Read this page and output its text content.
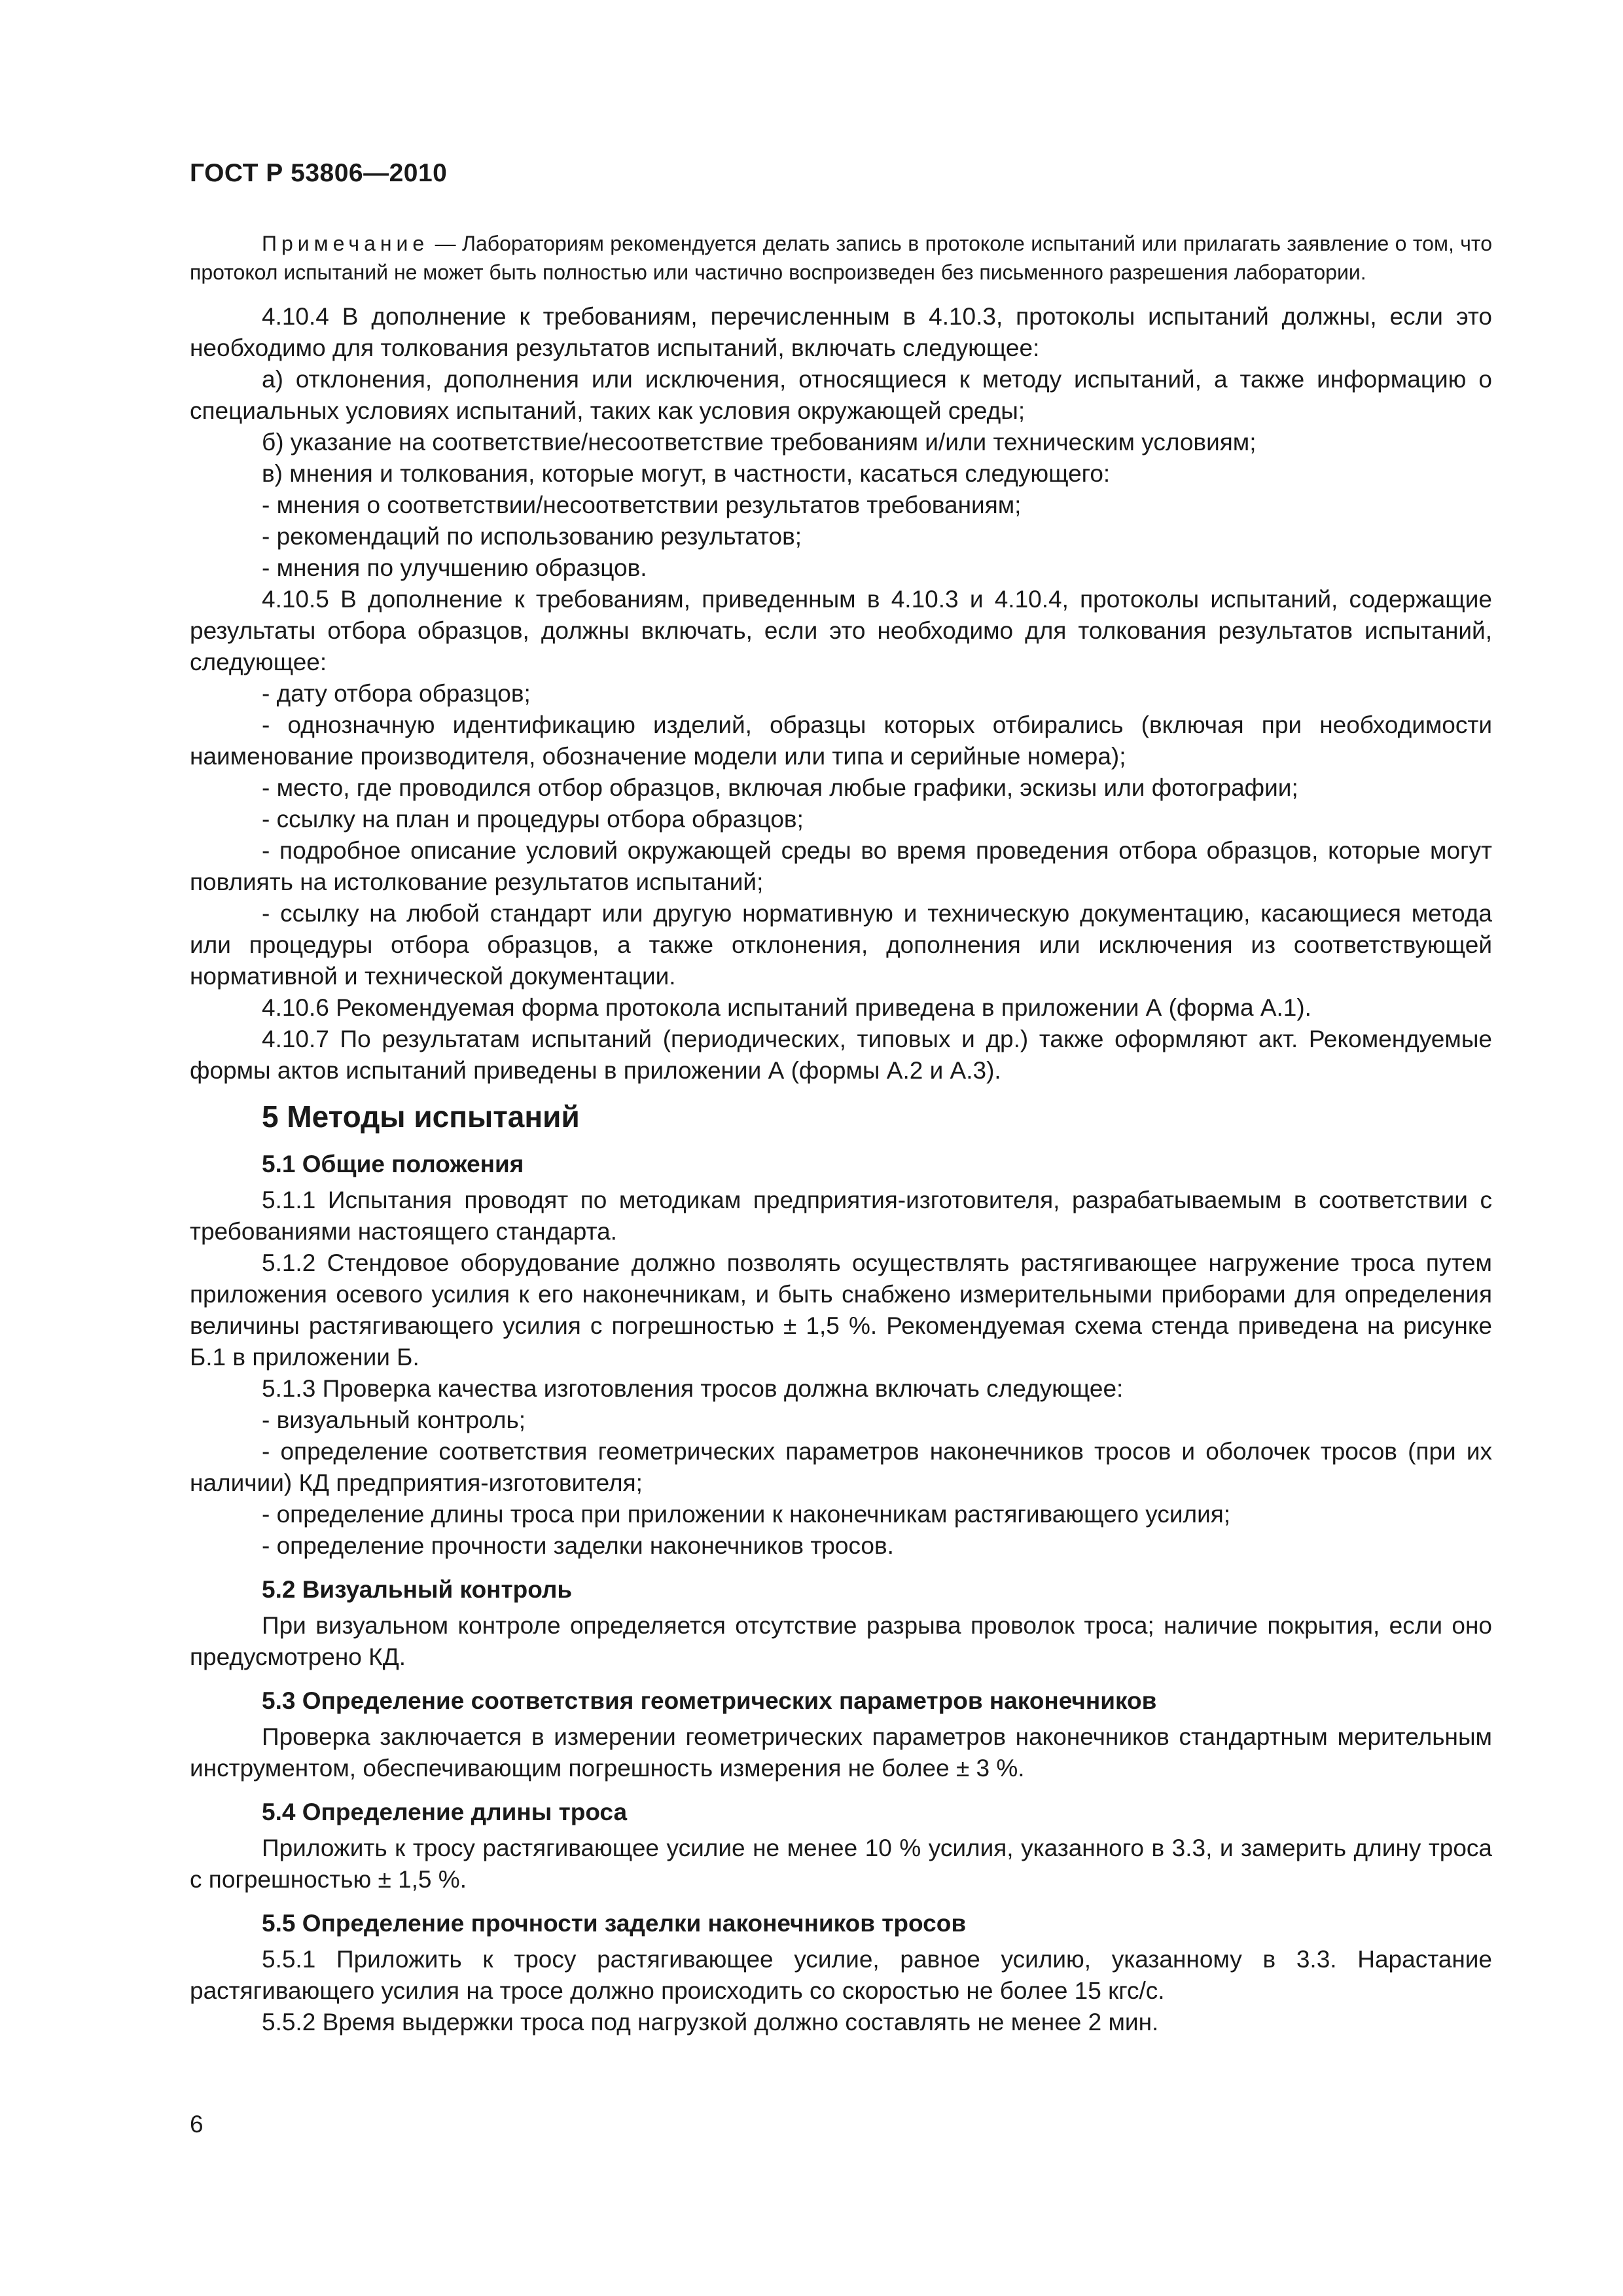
ГОСТ Р 53806—2010

Примечание — Лабораториям рекомендуется делать запись в протоколе испытаний или прилагать заявление о том, что протокол испытаний не может быть полностью или частично воспроизведен без письменного разрешения лаборатории.

4.10.4 В дополнение к требованиям, перечисленным в 4.10.3, протоколы испытаний должны, если это необходимо для толкования результатов испытаний, включать следующее:

а) отклонения, дополнения или исключения, относящиеся к методу испытаний, а также информацию о специальных условиях испытаний, таких как условия окружающей среды;

б) указание на соответствие/несоответствие требованиям и/или техническим условиям;

в) мнения и толкования, которые могут, в частности, касаться следующего:

- мнения о соответствии/несоответствии результатов требованиям;

- рекомендаций по использованию результатов;

- мнения по улучшению образцов.

4.10.5 В дополнение к требованиям, приведенным в 4.10.3 и 4.10.4, протоколы испытаний, содержащие результаты отбора образцов, должны включать, если это необходимо для толкования результатов испытаний, следующее:

- дату отбора образцов;

- однозначную идентификацию изделий, образцы которых отбирались (включая при необходимости наименование производителя, обозначение модели или типа и серийные номера);

- место, где проводился отбор образцов, включая любые графики, эскизы или фотографии;

- ссылку на план и процедуры отбора образцов;

- подробное описание условий окружающей среды во время проведения отбора образцов, которые могут повлиять на истолкование результатов испытаний;

- ссылку на любой стандарт или другую нормативную и техническую документацию, касающиеся метода или процедуры отбора образцов, а также отклонения, дополнения или исключения из соответствующей нормативной и технической документации.

4.10.6 Рекомендуемая форма протокола испытаний приведена в приложении А (форма А.1).

4.10.7 По результатам испытаний (периодических, типовых и др.) также оформляют акт. Рекомендуемые формы актов испытаний приведены в приложении А (формы А.2 и А.3).

5 Методы испытаний
5.1 Общие положения

5.1.1 Испытания проводят по методикам предприятия-изготовителя, разрабатываемым в соответствии с требованиями настоящего стандарта.

5.1.2 Стендовое оборудование должно позволять осуществлять растягивающее нагружение троса путем приложения осевого усилия к его наконечникам, и быть снабжено измерительными приборами для определения величины растягивающего усилия с погрешностью ± 1,5 %. Рекомендуемая схема стенда приведена на рисунке Б.1 в приложении Б.

5.1.3 Проверка качества изготовления тросов должна включать следующее:

- визуальный контроль;

- определение соответствия геометрических параметров наконечников тросов и оболочек тросов (при их наличии) КД предприятия-изготовителя;

- определение длины троса при приложении к наконечникам растягивающего усилия;

- определение прочности заделки наконечников тросов.

5.2 Визуальный контроль

При визуальном контроле определяется отсутствие разрыва проволок троса; наличие покрытия, если оно предусмотрено КД.

5.3 Определение соответствия геометрических параметров наконечников

Проверка заключается в измерении геометрических параметров наконечников стандартным мерительным инструментом, обеспечивающим погрешность измерения не более ± 3 %.

5.4 Определение длины троса

Приложить к тросу растягивающее усилие не менее 10 % усилия, указанного в 3.3, и замерить длину троса с погрешностью ± 1,5 %.

5.5 Определение прочности заделки наконечников тросов

5.5.1 Приложить к тросу растягивающее усилие, равное усилию, указанному в 3.3. Нарастание растягивающего усилия на тросе должно происходить со скоростью не более 15 кгс/с.

5.5.2 Время выдержки троса под нагрузкой должно составлять не менее 2 мин.

6
